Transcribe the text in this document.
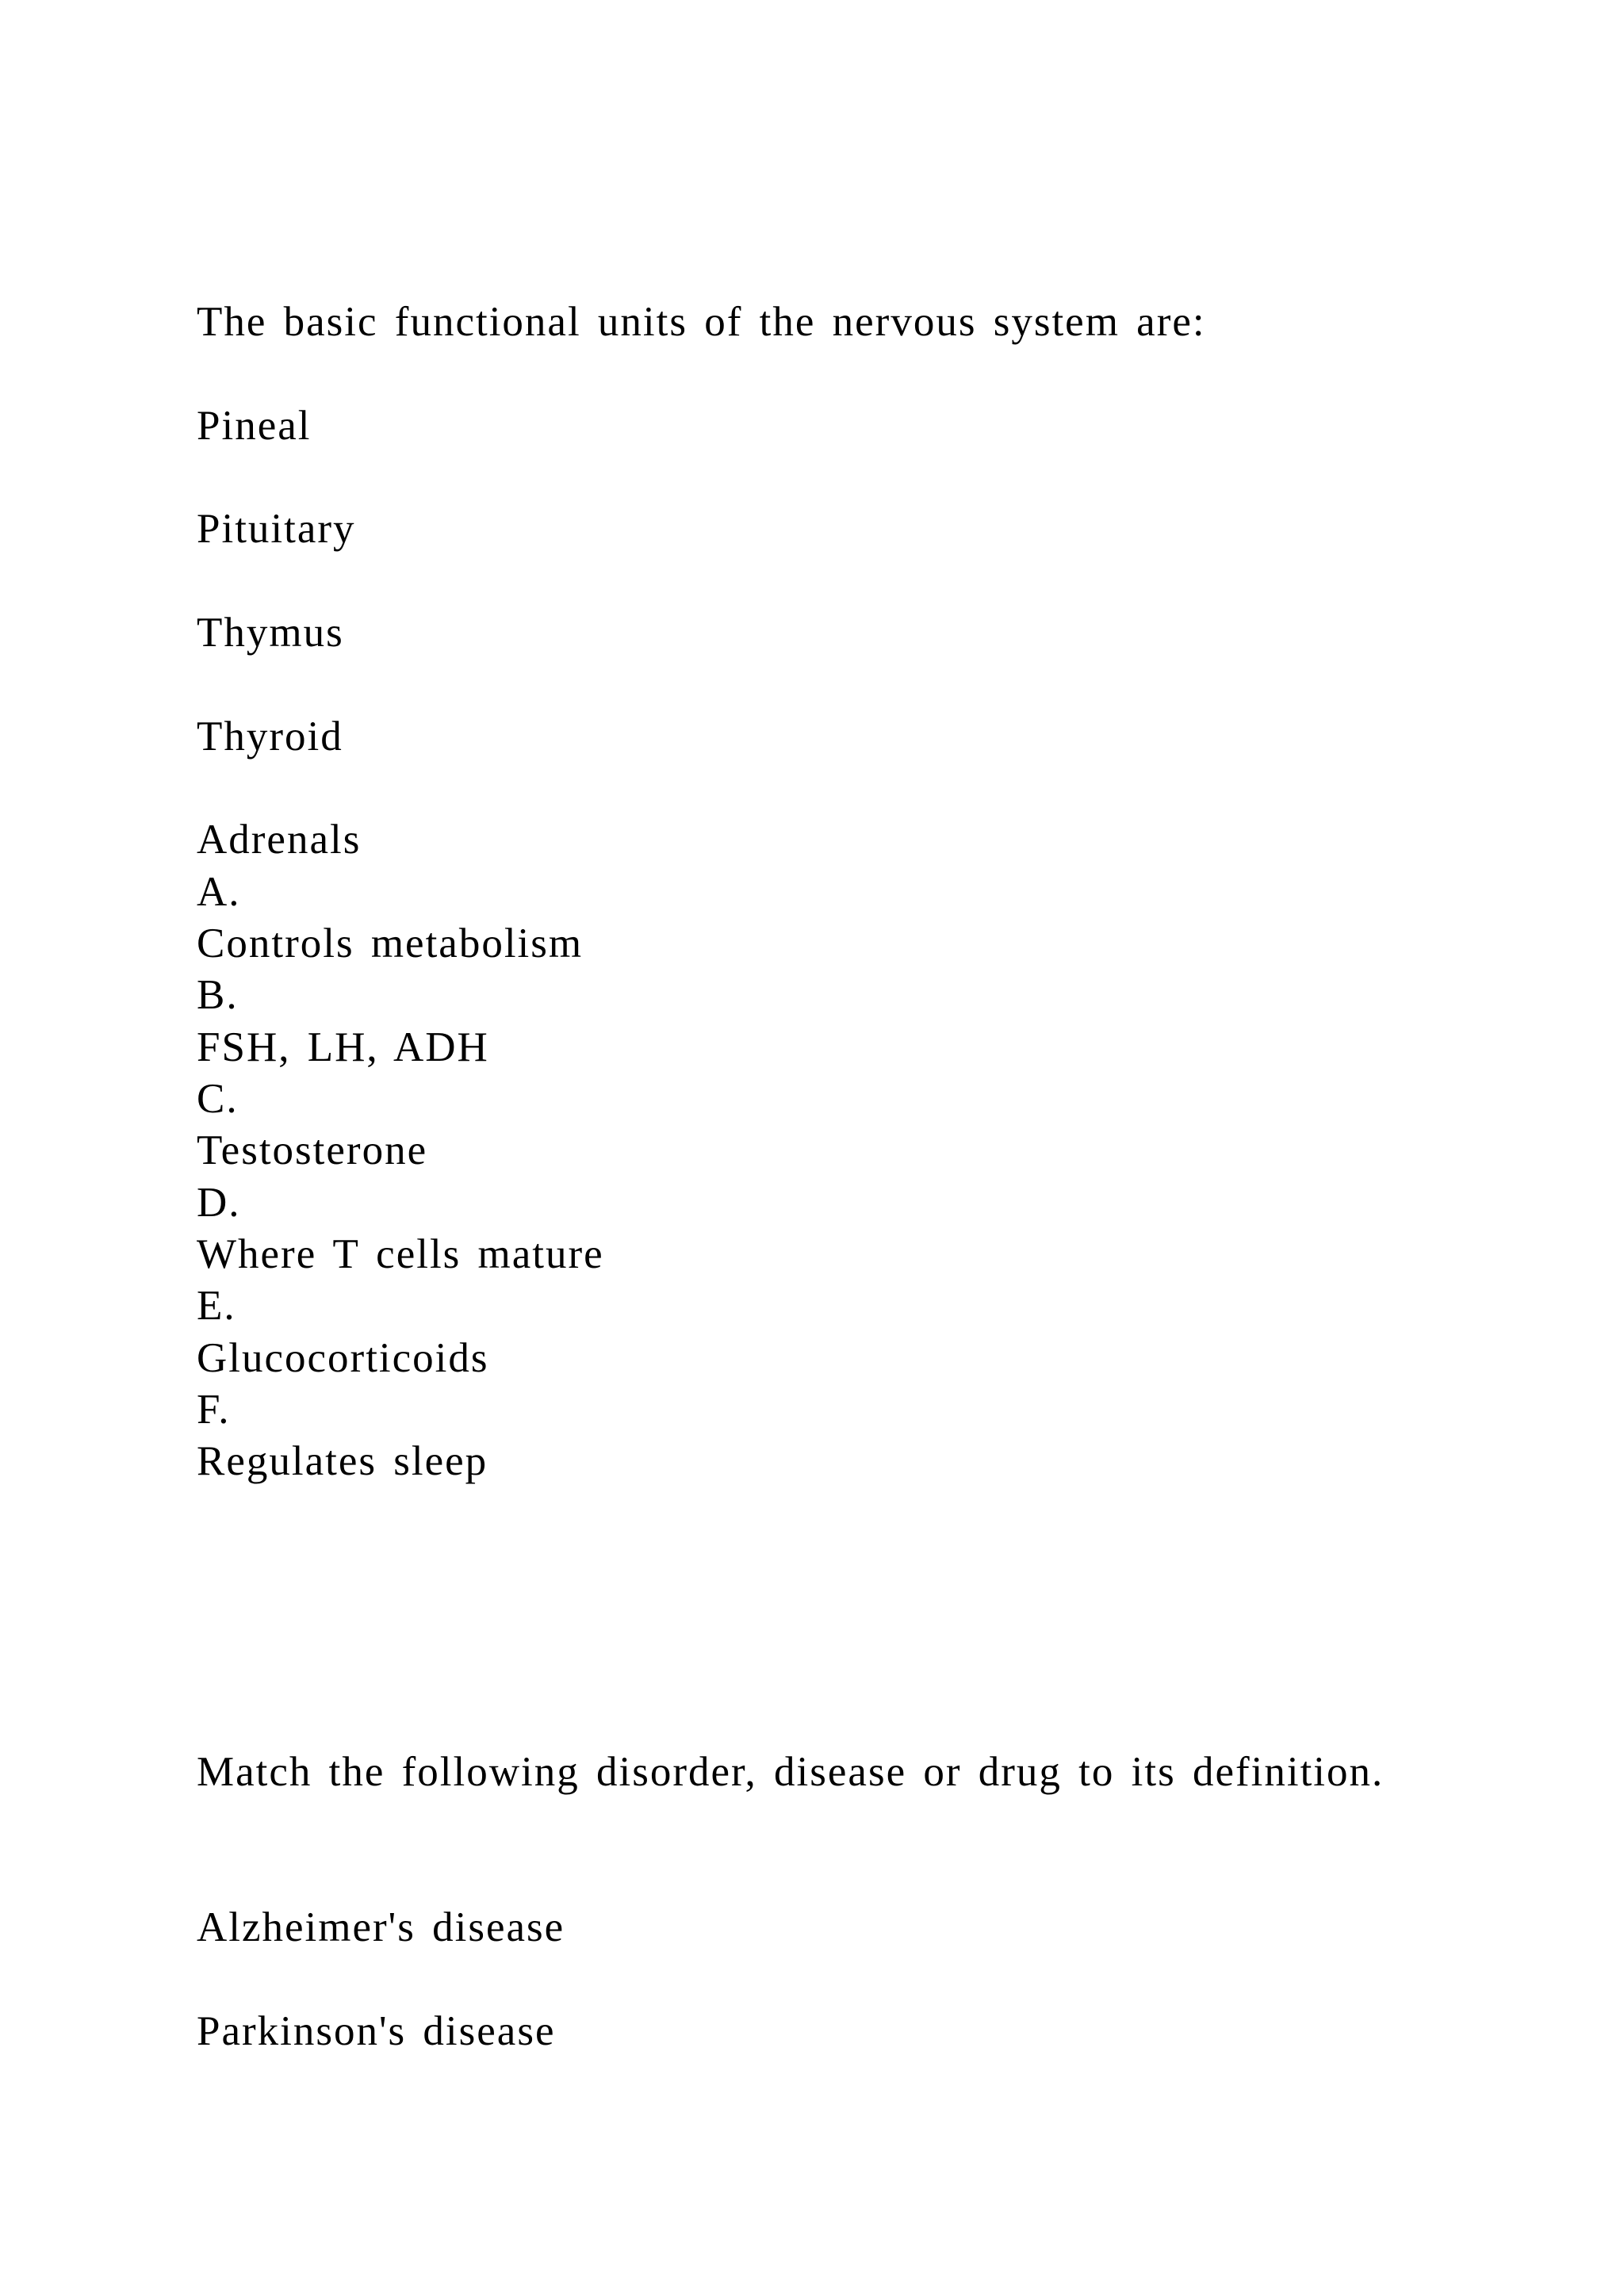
The basic functional units of the nervous system are:
Pineal
Pituitary
Thymus
Thyroid
Adrenals
A.
Controls metabolism
B.
FSH, LH, ADH
C.
Testosterone
D.
Where T cells mature
E.
Glucocorticoids
F.
Regulates sleep
Match the following disorder, disease or drug to its definition.
Alzheimer's disease
Parkinson's disease
